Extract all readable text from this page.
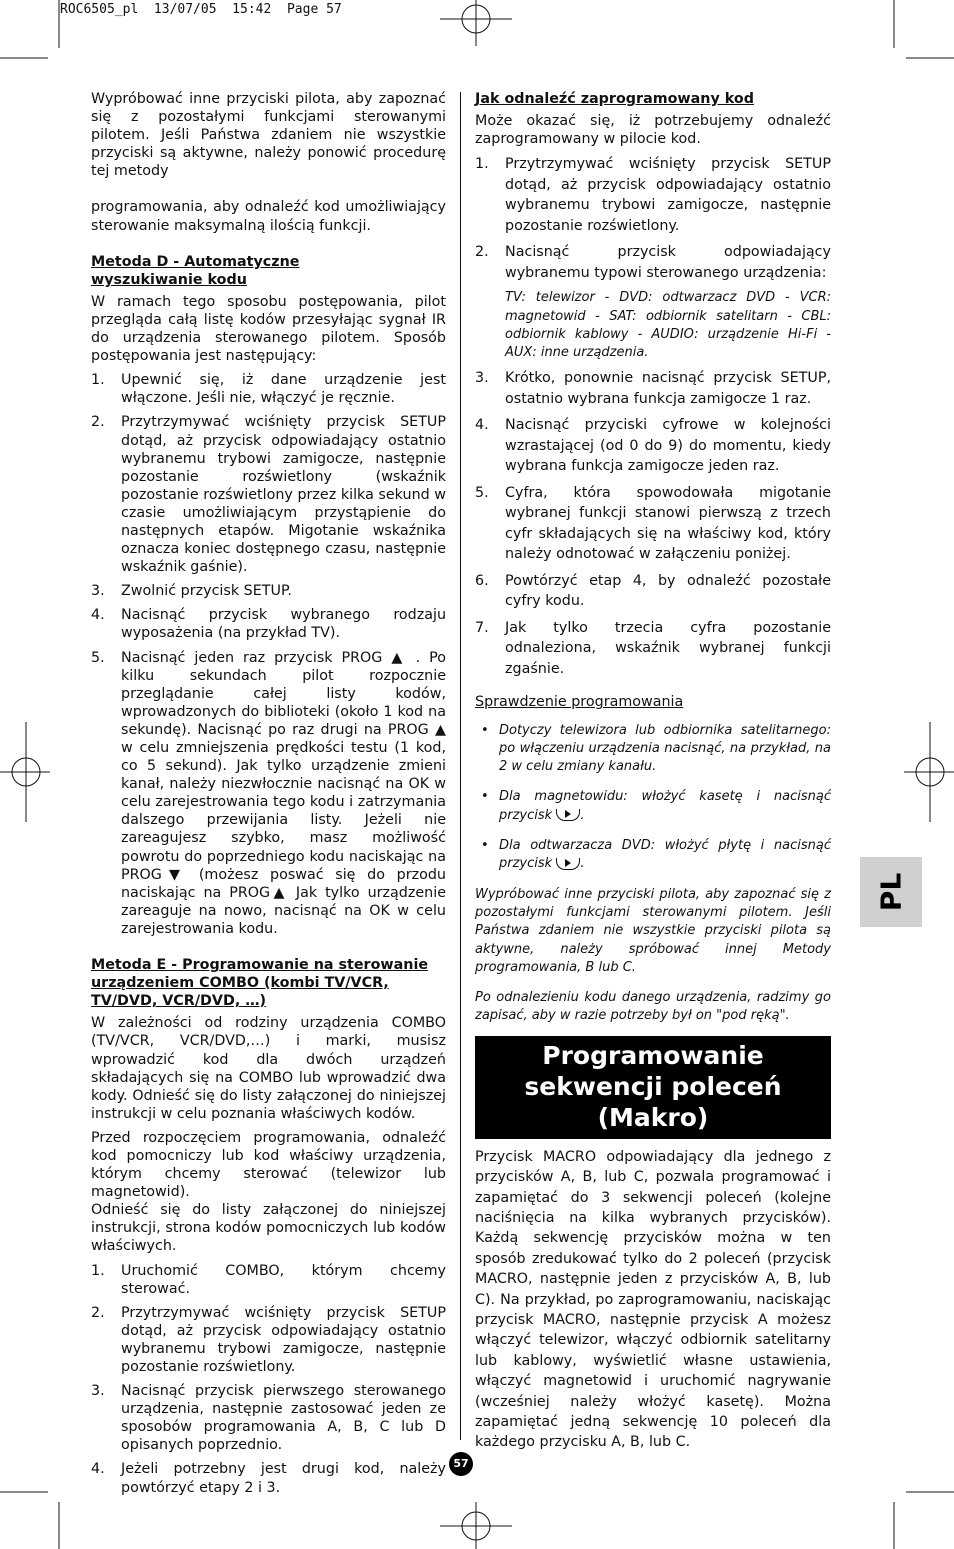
ROC6505_pl  13/07/05  15:42  Page 57

Wypróbować inne przyciski pilota, aby zapoznać się z pozostałymi funkcjami sterowanymi pilotem. Jeśli Państwa zdaniem nie wszystkie przyciski są aktywne, należy ponowić procedurę tej metody

programowania, aby odnaleźć kod umożliwiający sterowanie maksymalną ilością funkcji.

Metoda D - Automatyczne wyszukiwanie kodu

W ramach tego sposobu postępowania, pilot przegląda całą listę kodów przesyłając sygnał IR do urządzenia sterowanego pilotem. Sposób postępowania jest następujący:

1. Upewnić się, iż dane urządzenie jest włączone. Jeśli nie, włączyć je ręcznie.
2. Przytrzymywać wciśnięty przycisk SETUP dotąd, aż przycisk odpowiadający ostatnio wybranemu trybowi zamigocze, następnie pozostanie rozświetlony (wskaźnik pozostanie rozświetlony przez kilka sekund w czasie umożliwiającym przystąpienie do następnych etapów. Migotanie wskaźnika oznacza koniec dostępnego czasu, następnie wskaźnik gaśnie).
3. Zwolnić przycisk SETUP.
4. Nacisnąć przycisk wybranego rodzaju wyposażenia (na przykład TV).
5. Nacisnąć jeden raz przycisk PROG ▲ . Po kilku sekundach pilot rozpocznie przeglądanie całej listy kodów, wprowadzonych do biblioteki (około 1 kod na sekundę). Nacisnąć po raz drugi na PROG ▲ w celu zmniejszenia prędkości testu (1 kod, co 5 sekund). Jak tylko urządzenie zmieni kanał, należy niezwłocznie nacisnąć na OK w celu zarejestrowania tego kodu i zatrzymania dalszego przewijania listy. Jeżeli nie zareagujesz szybko, masz możliwość powrotu do poprzedniego kodu naciskając na PROG▼ (możesz poswać się do przodu naciskając na PROG▲ Jak tylko urządzenie zareaguje na nowo, nacisnąć na OK w celu zarejestrowania kodu.
Metoda E - Programowanie na sterowanie urządzeniem COMBO (kombi TV/VCR, TV/DVD, VCR/DVD, …)

W zależności od rodziny urządzenia COMBO (TV/VCR, VCR/DVD,…) i marki, musisz wprowadzić kod dla dwóch urządzeń składających się na COMBO lub wprowadzić dwa kody. Odnieść się do listy załączonej do niniejszej instrukcji w celu poznania właściwych kodów.

Przed rozpoczęciem programowania, odnaleźć kod pomocniczy lub kod właściwy urządzenia, którym chcemy sterować (telewizor lub magnetowid).

Odnieść się do listy załączonej do niniejszej instrukcji, strona kodów pomocniczych lub kodów właściwych.

1. Uruchomić COMBO, którym chcemy sterować.
2. Przytrzymywać wciśnięty przycisk SETUP dotąd, aż przycisk odpowiadający ostatnio wybranemu trybowi zamigocze, następnie pozostanie rozświetlony.
3. Nacisnąć przycisk pierwszego sterowanego urządzenia, następnie zastosować jeden ze sposobów programowania A, B, C lub D opisanych poprzednio.
4. Jeżeli potrzebny jest drugi kod, należy powtórzyć etapy 2 i 3.
Jak odnaleźć zaprogramowany kod

Może okazać się, iż potrzebujemy odnaleźć zaprogramowany w pilocie kod.

1. Przytrzymywać wciśnięty przycisk SETUP dotąd, aż przycisk odpowiadający ostatnio wybranemu trybowi zamigocze, następnie pozostanie rozświetlony.
2. Nacisnąć przycisk odpowiadający wybranemu typowi sterowanego urządzenia:
TV: telewizor - DVD: odtwarzacz DVD - VCR: magnetowid - SAT: odbiornik satelitarn - CBL: odbiornik kablowy - AUDIO: urządzenie Hi-Fi - AUX: inne urządzenia.
3. Krótko, ponownie nacisnąć przycisk SETUP, ostatnio wybrana funkcja zamigocze 1 raz.
4. Nacisnąć przyciski cyfrowe w kolejności wzrastającej (od 0 do 9) do momentu, kiedy wybrana funkcja zamigocze jeden raz.
5. Cyfra, która spowodowała migotanie wybranej funkcji stanowi pierwszą z trzech cyfr składających się na właściwy kod, który należy odnotować w załączeniu poniżej.
6. Powtórzyć etap 4, by odnaleźć pozostałe cyfry kodu.
7. Jak tylko trzecia cyfra pozostanie odnaleziona, wskaźnik wybranej funkcji zgaśnie.
Sprawdzenie programowania
• Dotyczy telewizora lub odbiornika satelitarnego: po włączeniu urządzenia nacisnąć, na przykład, na 2 w celu zmiany kanału.
• Dla magnetowidu: włożyć kasetę i nacisnąć przycisk .
• Dla odtwarzacza DVD: włożyć płytę i nacisnąć przycisk .

Wypróbować inne przyciski pilota, aby zapoznać się z pozostałymi funkcjami sterowanymi pilotem. Jeśli Państwa zdaniem nie wszystkie przyciski pilota są aktywne, należy spróbować innej Metody programowania, B lub C.

Po odnalezieniu kodu danego urządzenia, radzimy go zapisać, aby w razie potrzeby był on "pod ręką".

Programowanie sekwencji poleceń (Makro)

Przycisk MACRO odpowiadający dla jednego z przycisków A, B, lub C, pozwala programować i zapamiętać do 3 sekwencji poleceń (kolejne naciśnięcia na kilka wybranych przycisków). Każdą sekwencję przycisków można w ten sposób zredukować tylko do 2 poleceń (przycisk MACRO, następnie jeden z przycisków A, B, lub C). Na przykład, po zaprogramowaniu, naciskając przycisk MACRO, następnie przycisk A możesz włączyć telewizor, włączyć odbiornik satelitarny lub kablowy, wyświetlić własne ustawienia, włączyć magnetowid i uruchomić nagrywanie (wcześniej należy włożyć kasetę). Można zapamiętać jedną sekwencję 10 poleceń dla każdego przycisku A, B, lub C.

PL
57
